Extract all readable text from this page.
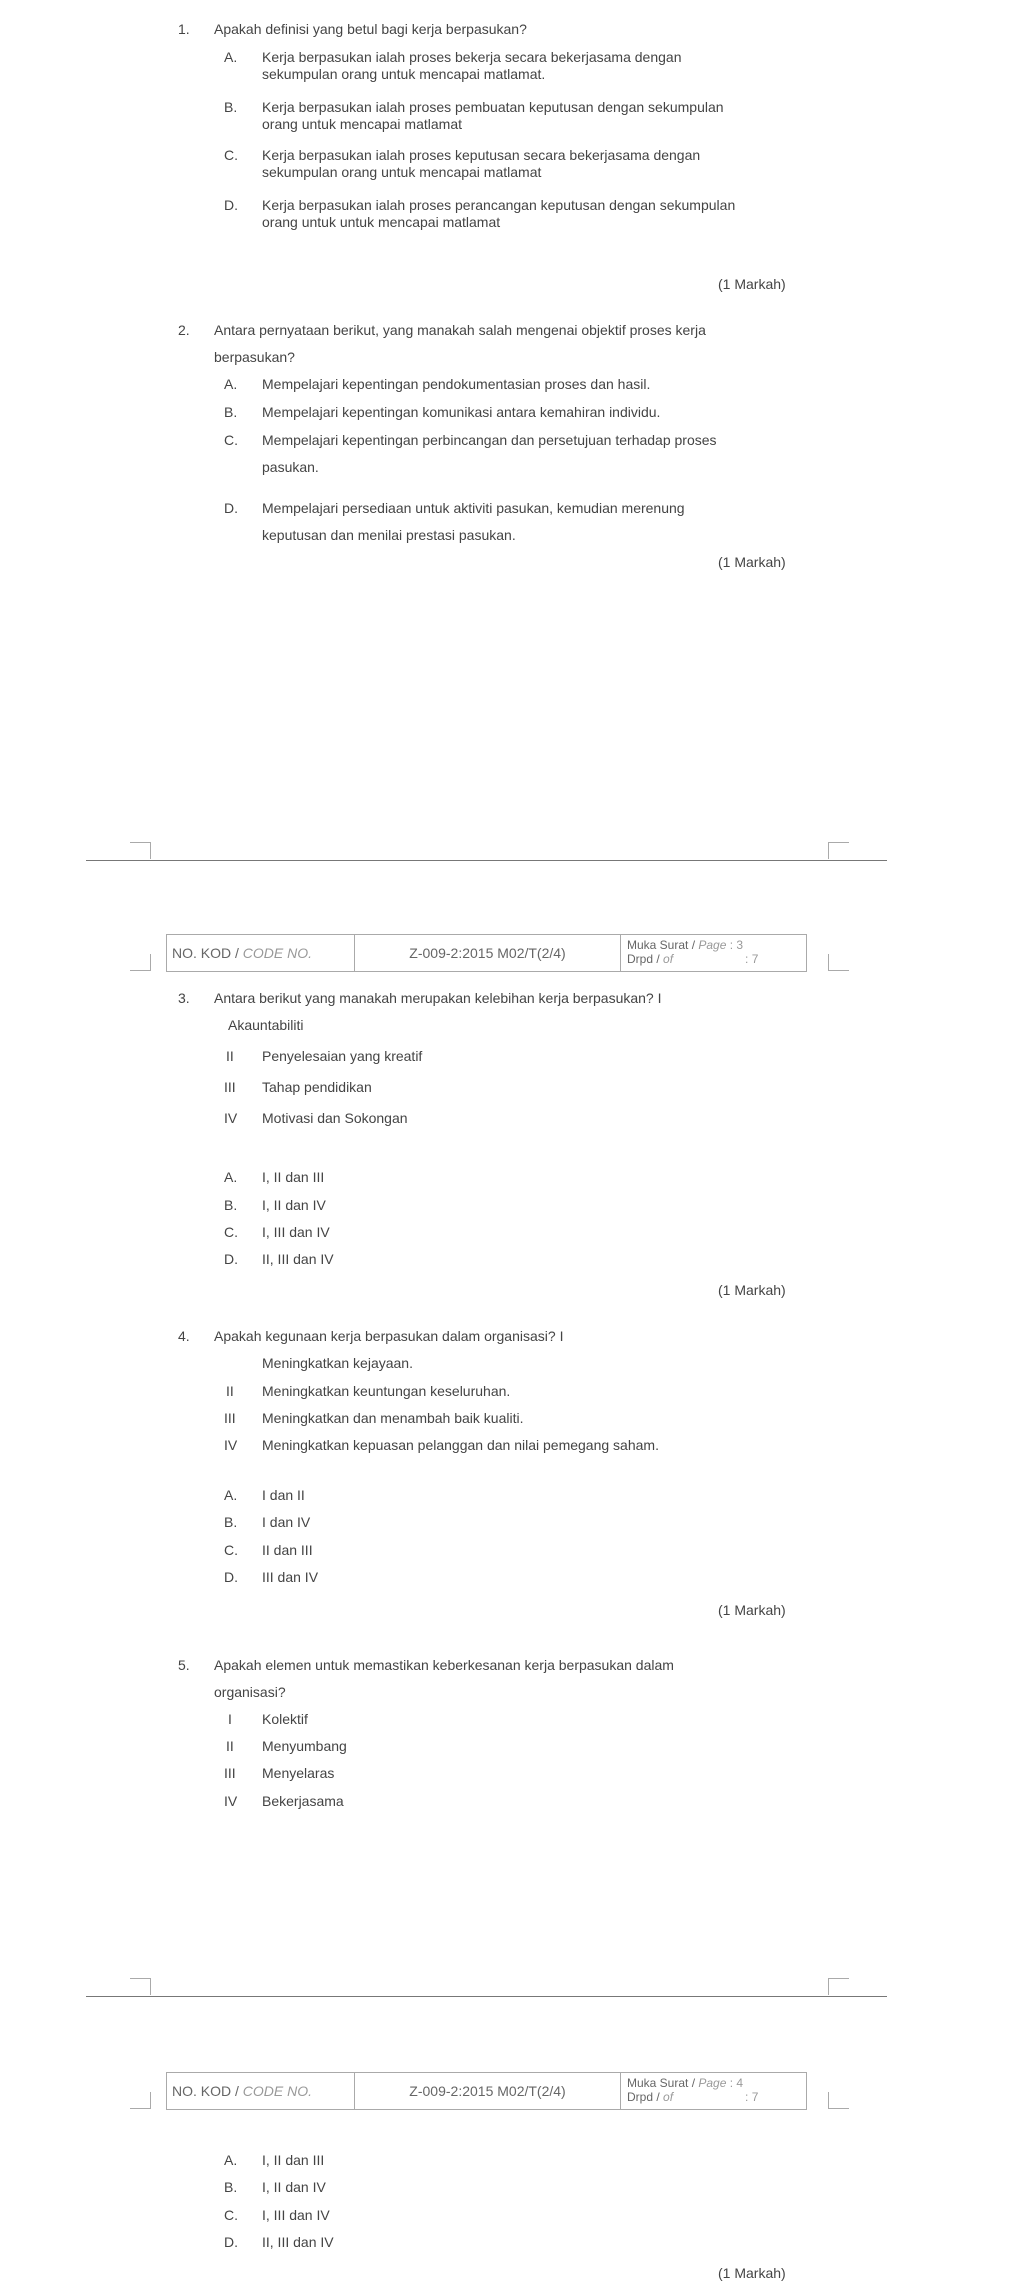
1. Apakah definisi yang betul bagi kerja berpasukan?
A. Kerja berpasukan ialah proses bekerja secara bekerjasama dengan
sekumpulan orang untuk mencapai matlamat.
B. Kerja berpasukan ialah proses pembuatan keputusan dengan sekumpulan
orang untuk mencapai matlamat
C. Kerja berpasukan ialah proses keputusan secara bekerjasama dengan
sekumpulan orang untuk mencapai matlamat
D. Kerja berpasukan ialah proses perancangan keputusan dengan sekumpulan
orang untuk untuk mencapai matlamat
(1 Markah)
2. Antara pernyataan berikut, yang manakah salah mengenai objektif proses kerja
berpasukan?
A. Mempelajari kepentingan pendokumentasian proses dan hasil.
B. Mempelajari kepentingan komunikasi antara kemahiran individu.
C. Mempelajari kepentingan perbincangan dan persetujuan terhadap proses
pasukan.
D. Mempelajari persediaan untuk aktiviti pasukan, kemudian merenung
keputusan dan menilai prestasi pasukan.
(1 Markah)
NO. KOD /
CODE NO.	Z-009-2:2015 M02/T(2/4)	Muka Surat / Page : 3
Drpd / of	: 7
3. Antara berikut yang manakah merupakan kelebihan kerja berpasukan? I
Akauntabiliti
II Penyelesaian yang kreatif
III Tahap pendidikan
IV Motivasi dan Sokongan
A. I, II dan III
B. I, II dan IV
C. I, III dan IV
D. II, III dan IV
(1 Markah)
4. Apakah kegunaan kerja berpasukan dalam organisasi? I
Meningkatkan kejayaan.
II Meningkatkan keuntungan keseluruhan.
III Meningkatkan dan menambah baik kualiti.
IV Meningkatkan kepuasan pelanggan dan nilai pemegang saham.
A. I dan II
B. I dan IV
C. II dan III
D. III dan IV
(1 Markah)
5. Apakah elemen untuk memastikan keberkesanan kerja berpasukan dalam
organisasi?
I Kolektif
II Menyumbang
III Menyelaras
IV Bekerjasama
NO. KOD /
CODE NO.	Z-009-2:2015 M02/T(2/4)	Muka Surat / Page : 4
Drpd / of	: 7
A. I, II dan III
B. I, II dan IV
C. I, III dan IV
D. II, III dan IV
(1 Markah)
